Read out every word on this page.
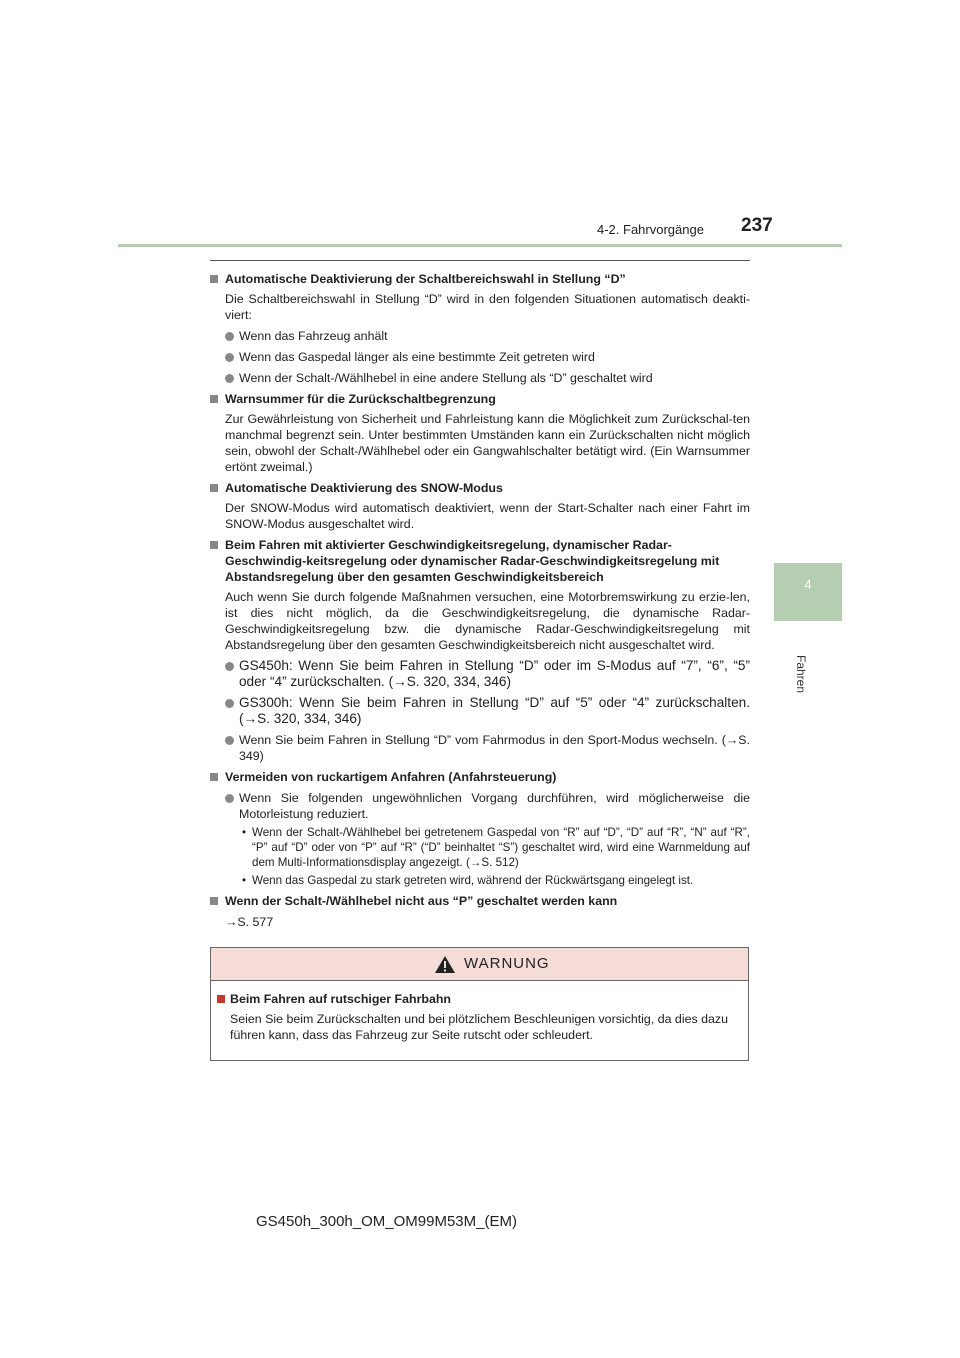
4-2. Fahrvorgänge 237
4
Fahren
Automatische Deaktivierung der Schaltbereichswahl in Stellung “D”
Die Schaltbereichswahl in Stellung “D” wird in den folgenden Situationen automatisch deakti-viert:
Wenn das Fahrzeug anhält
Wenn das Gaspedal länger als eine bestimmte Zeit getreten wird
Wenn der Schalt-/Wählhebel in eine andere Stellung als “D” geschaltet wird
Warnsummer für die Zurückschaltbegrenzung
Zur Gewährleistung von Sicherheit und Fahrleistung kann die Möglichkeit zum Zurückschal-ten manchmal begrenzt sein. Unter bestimmten Umständen kann ein Zurückschalten nicht möglich sein, obwohl der Schalt-/Wählhebel oder ein Gangwahlschalter betätigt wird. (Ein Warnsummer ertönt zweimal.)
Automatische Deaktivierung des SNOW-Modus
Der SNOW-Modus wird automatisch deaktiviert, wenn der Start-Schalter nach einer Fahrt im SNOW-Modus ausgeschaltet wird.
Beim Fahren mit aktivierter Geschwindigkeitsregelung, dynamischer Radar-Geschwindig-keitsregelung oder dynamischer Radar-Geschwindigkeitsregelung mit Abstandsregelung über den gesamten Geschwindigkeitsbereich
Auch wenn Sie durch folgende Maßnahmen versuchen, eine Motorbremswirkung zu erzie-len, ist dies nicht möglich, da die Geschwindigkeitsregelung, die dynamische Radar-Geschwindigkeitsregelung bzw. die dynamische Radar-Geschwindigkeitsregelung mit Abstandsregelung über den gesamten Geschwindigkeitsbereich nicht ausgeschaltet wird.
GS450h: Wenn Sie beim Fahren in Stellung “D” oder im S-Modus auf “7”, “6”, “5” oder “4” zurückschalten. (→S. 320, 334, 346)
GS300h: Wenn Sie beim Fahren in Stellung “D” auf “5” oder “4” zurückschalten. (→S. 320, 334, 346)
Wenn Sie beim Fahren in Stellung “D” vom Fahrmodus in den Sport-Modus wechseln. (→S. 349)
Vermeiden von ruckartigem Anfahren (Anfahrsteuerung)
Wenn Sie folgenden ungewöhnlichen Vorgang durchführen, wird möglicherweise die Motorleistung reduziert.
• Wenn der Schalt-/Wählhebel bei getretenem Gaspedal von “R” auf “D”, “D” auf “R”, “N” auf “R”, “P” auf “D” oder von “P” auf “R” (“D” beinhaltet “S”) geschaltet wird, wird eine Warnmeldung auf dem Multi-Informationsdisplay angezeigt. (→S. 512)
• Wenn das Gaspedal zu stark getreten wird, während der Rückwärtsgang eingelegt ist.
Wenn der Schalt-/Wählhebel nicht aus “P” geschaltet werden kann
→S. 577
WARNUNG
Beim Fahren auf rutschiger Fahrbahn
Seien Sie beim Zurückschalten und bei plötzlichem Beschleunigen vorsichtig, da dies dazu führen kann, dass das Fahrzeug zur Seite rutscht oder schleudert.
GS450h_300h_OM_OM99M53M_(EM)
